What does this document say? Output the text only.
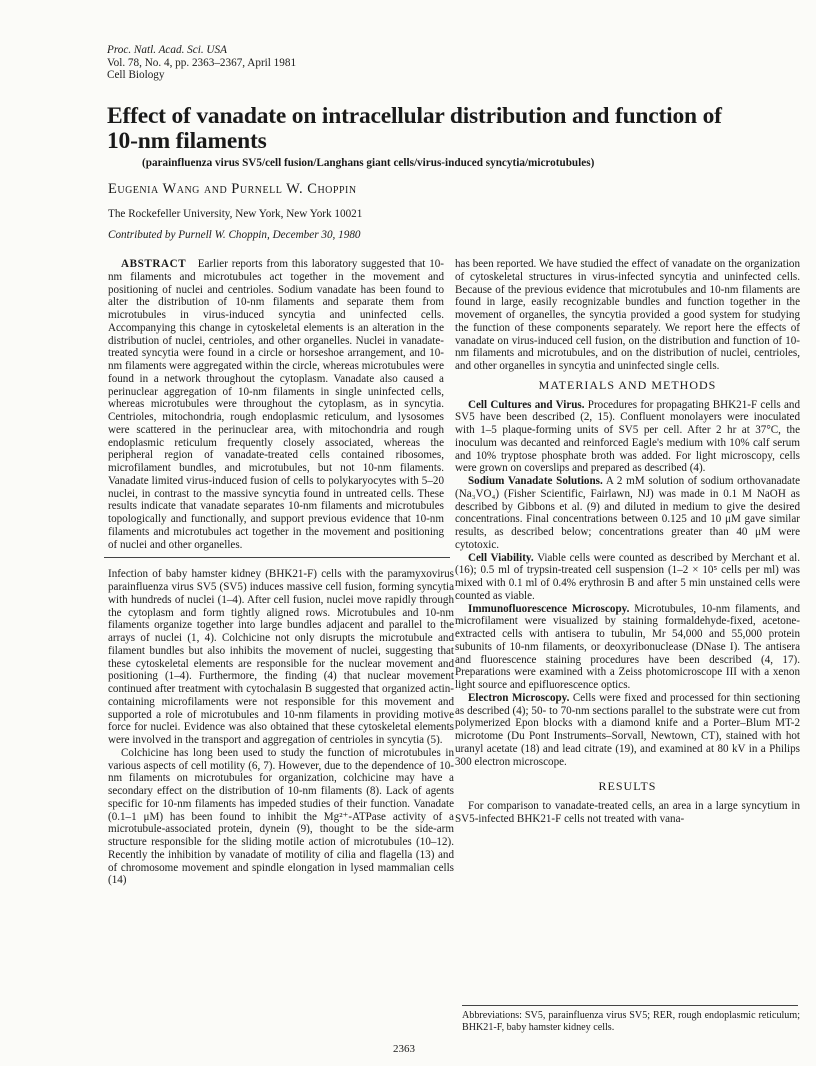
Proc. Natl. Acad. Sci. USA
Vol. 78, No. 4, pp. 2363–2367, April 1981
Cell Biology
Effect of vanadate on intracellular distribution and function of 10-nm filaments
(parainfluenza virus SV5/cell fusion/Langhans giant cells/virus-induced syncytia/microtubules)
Eugenia Wang and Purnell W. Choppin
The Rockefeller University, New York, New York 10021
Contributed by Purnell W. Choppin, December 30, 1980

ABSTRACT Earlier reports from this laboratory suggested that 10-nm filaments and microtubules act together in the movement and positioning of nuclei and centrioles. Sodium vanadate has been found to alter the distribution of 10-nm filaments and separate them from microtubules in virus-induced syncytia and uninfected cells. Accompanying this change in cytoskeletal elements is an alteration in the distribution of nuclei, centrioles, and other organelles. Nuclei in vanadate-treated syncytia were found in a circle or horseshoe arrangement, and 10-nm filaments were aggregated within the circle, whereas microtubules were found in a network throughout the cytoplasm. Vanadate also caused a perinuclear aggregation of 10-nm filaments in single uninfected cells, whereas microtubules were throughout the cytoplasm, as in syncytia. Centrioles, mitochondria, rough endoplasmic reticulum, and lysosomes were scattered in the perinuclear area, with mitochondria and rough endoplasmic reticulum frequently closely associated, whereas the peripheral region of vanadate-treated cells contained ribosomes, microfilament bundles, and microtubules, but not 10-nm filaments. Vanadate limited virus-induced fusion of cells to polykaryocytes with 5–20 nuclei, in contrast to the massive syncytia found in untreated cells. These results indicate that vanadate separates 10-nm filaments and microtubules topologically and functionally, and support previous evidence that 10-nm filaments and microtubules act together in the movement and positioning of nuclei and other organelles.

Infection of baby hamster kidney (BHK21-F) cells with the paramyxovirus parainfluenza virus SV5 (SV5) induces massive cell fusion, forming syncytia with hundreds of nuclei (1–4). After cell fusion, nuclei move rapidly through the cytoplasm and form tightly aligned rows. Microtubules and 10-nm filaments organize together into large bundles adjacent and parallel to the arrays of nuclei (1, 4). Colchicine not only disrupts the microtubule and filament bundles but also inhibits the movement of nuclei, suggesting that these cytoskeletal elements are responsible for the nuclear movement and positioning (1–4). Furthermore, the finding (4) that nuclear movement continued after treatment with cytochalasin B suggested that organized actin-containing microfilaments were not responsible for this movement and supported a role of microtubules and 10-nm filaments in providing motive force for nuclei. Evidence was also obtained that these cytoskeletal elements were involved in the transport and aggregation of centrioles in syncytia (5).

Colchicine has long been used to study the function of microtubules in various aspects of cell motility (6, 7). However, due to the dependence of 10-nm filaments on microtubules for organization, colchicine may have a secondary effect on the distribution of 10-nm filaments (8). Lack of agents specific for 10-nm filaments has impeded studies of their function. Vanadate (0.1–1 μM) has been found to inhibit the Mg²⁺-ATPase activity of a microtubule-associated protein, dynein (9), thought to be the side-arm structure responsible for the sliding motile action of microtubules (10–12). Recently the inhibition by vanadate of motility of cilia and flagella (13) and of chromosome movement and spindle elongation in lysed mammalian cells (14)

has been reported. We have studied the effect of vanadate on the organization of cytoskeletal structures in virus-infected syncytia and uninfected cells. Because of the previous evidence that microtubules and 10-nm filaments are found in large, easily recognizable bundles and function together in the movement of organelles, the syncytia provided a good system for studying the function of these components separately. We report here the effects of vanadate on virus-induced cell fusion, on the distribution and function of 10-nm filaments and microtubules, and on the distribution of nuclei, centrioles, and other organelles in syncytia and uninfected single cells.

MATERIALS AND METHODS

Cell Cultures and Virus. Procedures for propagating BHK21-F cells and SV5 have been described (2, 15). Confluent monolayers were inoculated with 1–5 plaque-forming units of SV5 per cell. After 2 hr at 37°C, the inoculum was decanted and reinforced Eagle's medium with 10% calf serum and 10% tryptose phosphate broth was added. For light microscopy, cells were grown on coverslips and prepared as described (4).

Sodium Vanadate Solutions. A 2 mM solution of sodium orthovanadate (Na₃VO₄) (Fisher Scientific, Fairlawn, NJ) was made in 0.1 M NaOH as described by Gibbons et al. (9) and diluted in medium to give the desired concentrations. Final concentrations between 0.125 and 10 μM gave similar results, as described below; concentrations greater than 40 μM were cytotoxic.

Cell Viability. Viable cells were counted as described by Merchant et al. (16); 0.5 ml of trypsin-treated cell suspension (1–2 × 10⁵ cells per ml) was mixed with 0.1 ml of 0.4% erythrosin B and after 5 min unstained cells were counted as viable.

Immunofluorescence Microscopy. Microtubules, 10-nm filaments, and microfilament were visualized by staining formaldehyde-fixed, acetone-extracted cells with antisera to tubulin, Mr 54,000 and 55,000 protein subunits of 10-nm filaments, or deoxyribonuclease (DNase I). The antisera and fluorescence staining procedures have been described (4, 17). Preparations were examined with a Zeiss photomicroscope III with a xenon light source and epifluorescence optics.

Electron Microscopy. Cells were fixed and processed for thin sectioning as described (4); 50- to 70-nm sections parallel to the substrate were cut from polymerized Epon blocks with a diamond knife and a Porter–Blum MT-2 microtome (Du Pont Instruments–Sorvall, Newtown, CT), stained with hot uranyl acetate (18) and lead citrate (19), and examined at 80 kV in a Philips 300 electron microscope.

RESULTS

For comparison to vanadate-treated cells, an area in a large syncytium in SV5-infected BHK21-F cells not treated with vana-

Abbreviations: SV5, parainfluenza virus SV5; RER, rough endoplasmic reticulum; BHK21-F, baby hamster kidney cells.
2363
